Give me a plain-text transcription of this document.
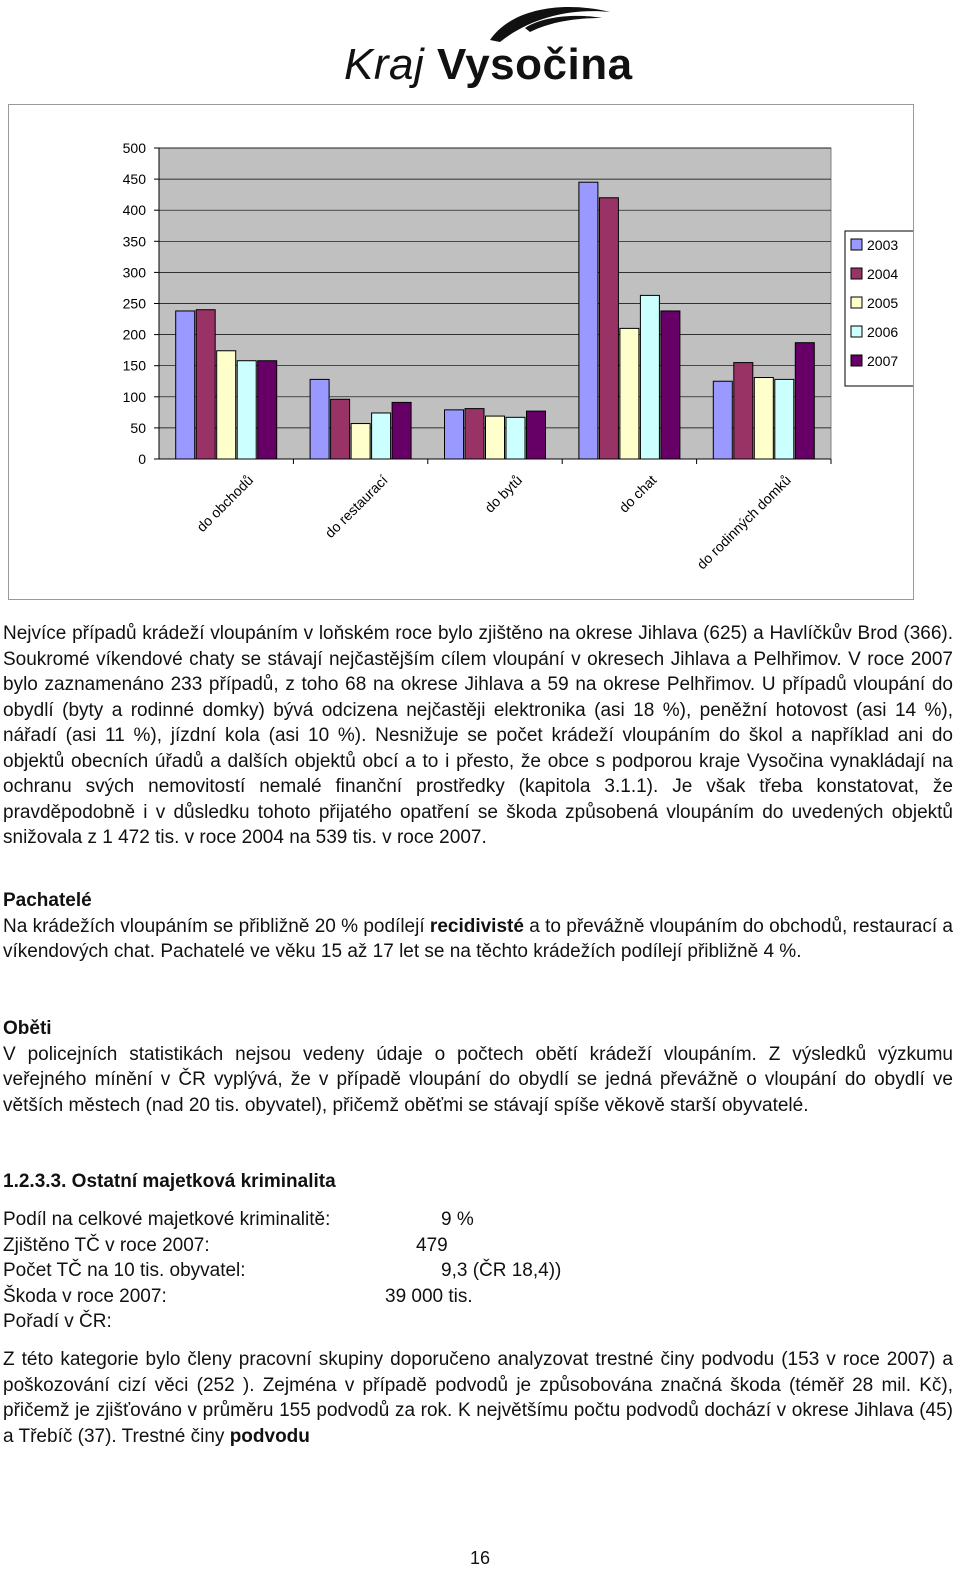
Kraj Vysočina
0
50
100
150
200
250
300
350
400
450
500
do obchodů	do restaurací	do bytů	do chat do rodinných domků
2003
2004
2005
2006
2007

Nejvíce případů krádeží vloupáním v loňském roce bylo zjištěno na okrese Jihlava (625) a Havlíčkův Brod (366). Soukromé víkendové chaty se stávají nejčastějším cílem vloupání v okresech Jihlava a Pelhřimov. V roce 2007 bylo zaznamenáno 233 případů, z toho 68 na okrese Jihlava a 59 na okrese Pelhřimov. U případů vloupání do obydlí (byty a rodinné domky) bývá odcizena nejčastěji elektronika (asi 18 %), peněžní hotovost (asi 14 %), nářadí (asi 11 %), jízdní kola (asi 10 %). Nesnižuje se počet krádeží vloupáním do škol a například ani do objektů obecních úřadů a dalších objektů obcí a to i přesto, že obce s podporou kraje Vysočina vynakládají na ochranu svých nemovitostí nemalé finanční prostředky (kapitola 3.1.1). Je však třeba konstatovat, že pravděpodobně i v důsledku tohoto přijatého opatření se škoda způsobená vloupáním do uvedených objektů snižovala z 1 472 tis. v roce 2004 na 539 tis. v roce 2007.

Pachatelé

Na krádežích vloupáním se přibližně 20 % podílejí recidivisté a to převážně vloupáním do obchodů, restaurací a víkendových chat. Pachatelé ve věku 15 až 17 let se na těchto krádežích podílejí přibližně 4 %.

Oběti

V policejních statistikách nejsou vedeny údaje o počtech obětí krádeží vloupáním. Z výsledků výzkumu veřejného mínění v ČR vyplývá, že v případě vloupání do obydlí se jedná převážně o vloupání do obydlí ve větších městech (nad 20 tis. obyvatel), přičemž oběťmi se stávají spíše věkově starší obyvatelé.

1.2.3.3. Ostatní majetková kriminalita

Podíl na celkové majetkové kriminalitě:	9 %
Zjištěno TČ v roce 2007:	479
Počet TČ na 10 tis. obyvatel:	9,3 (ČR 18,4))
Škoda v roce 2007:	39 000 tis.
Pořadí v ČR:

Z této kategorie bylo členy pracovní skupiny doporučeno analyzovat trestné činy podvodu (153 v roce 2007) a poškozování cizí věci (252 ). Zejména v případě podvodů je způsobována značná škoda (téměř 28 mil. Kč), přičemž je zjišťováno v průměru 155 podvodů za rok. K největšímu počtu podvodů dochází v okrese Jihlava (45) a Třebíč (37). Trestné činy podvodu

16
